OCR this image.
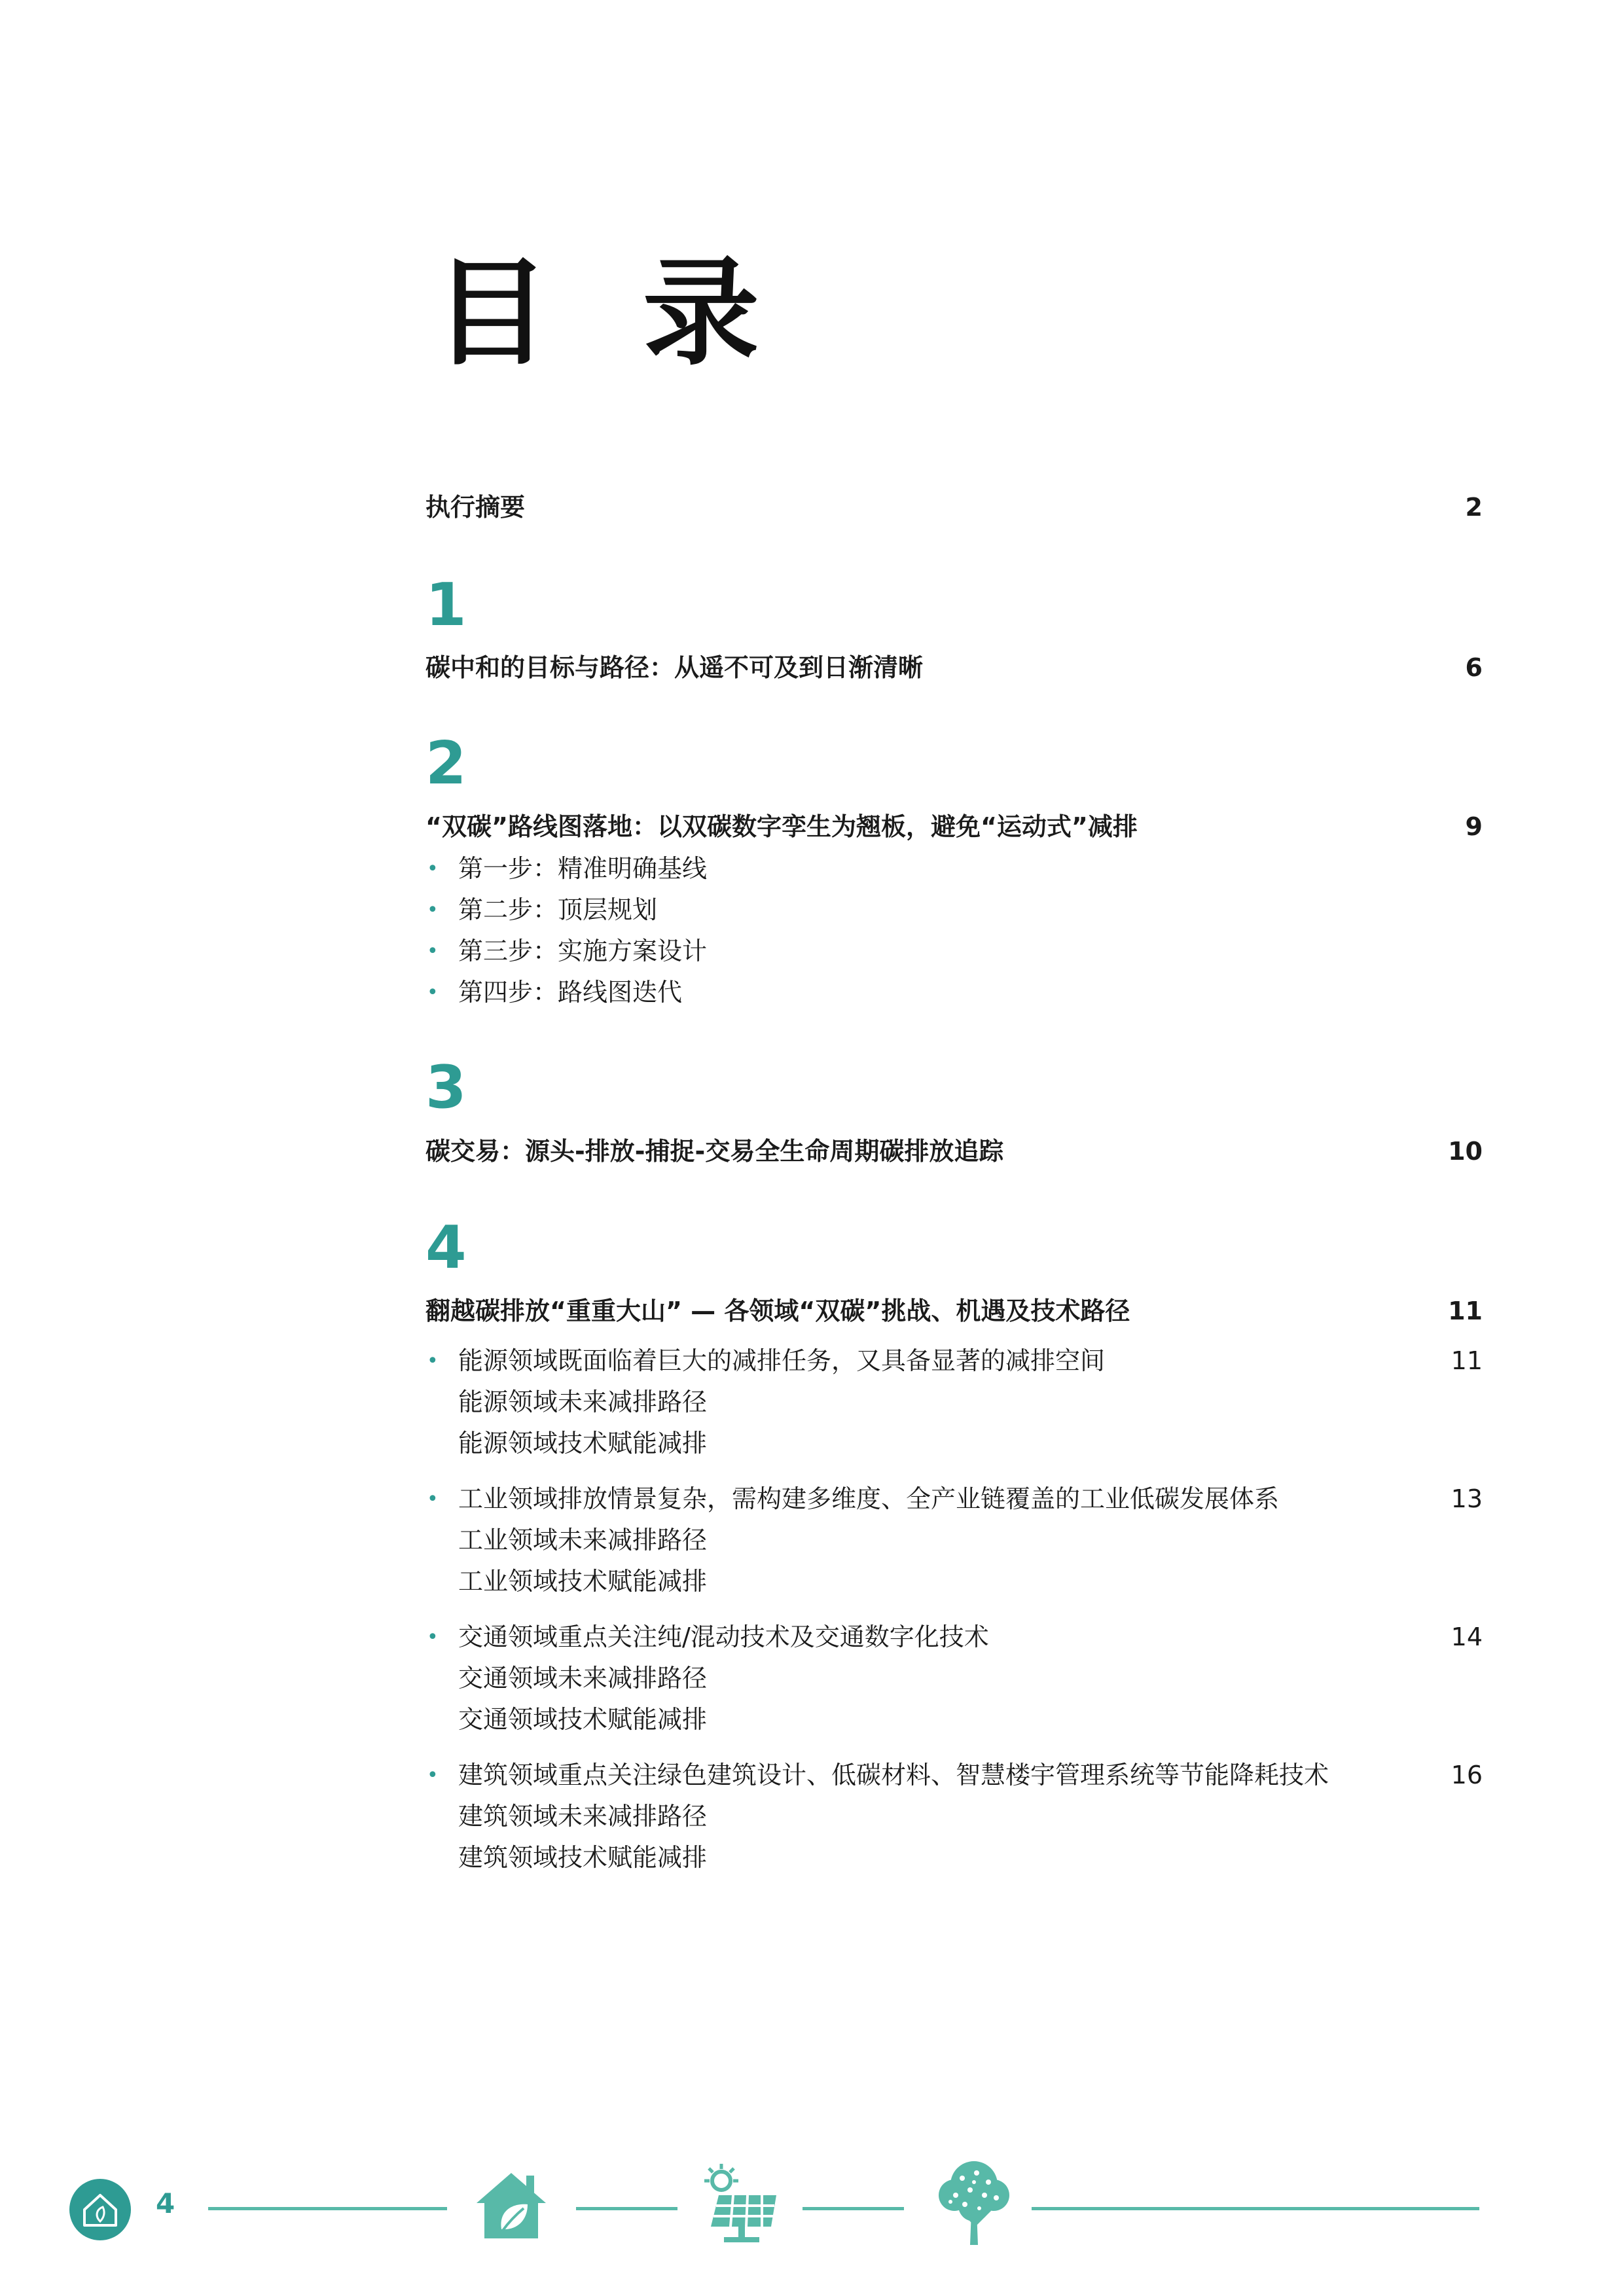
目 录
执行摘要	2
1
碳中和的目标与路径：从遥不可及到日渐清晰	6
2
“双碳”路线图落地：以双碳数字孪生为翘板，避免“运动式”减排	9
• 第一步：精准明确基线
• 第二步：顶层规划
• 第三步：实施方案设计
• 第四步：路线图迭代
3
碳交易：源头-排放-捕捉-交易全生命周期碳排放追踪	10
4
翻越碳排放“重重大山” — 各领域“双碳”挑战、机遇及技术路径	11
• 能源领域既面临着巨大的减排任务，又具备显著的减排空间	11
能源领域未来减排路径
能源领域技术赋能减排
• 工业领域排放情景复杂，需构建多维度、全产业链覆盖的工业低碳发展体系	13
工业领域未来减排路径
工业领域技术赋能减排
• 交通领域重点关注纯/混动技术及交通数字化技术	14
交通领域未来减排路径
交通领域技术赋能减排
• 建筑领域重点关注绿色建筑设计、低碳材料、智慧楼宇管理系统等节能降耗技术	16
建筑领域未来减排路径
建筑领域技术赋能减排
4
